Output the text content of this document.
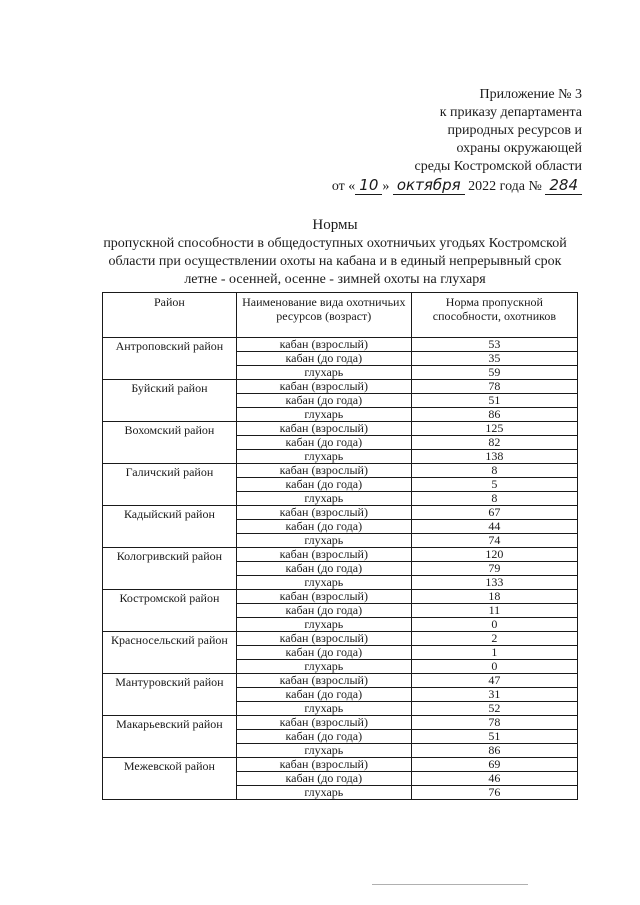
Приложение № 3
к приказу департамента
природных ресурсов и
охраны окружающей
среды Костромской области
от « 10 » октября 2022 года № 284
Нормы
пропускной способности в общедоступных охотничьих угодьях Костромской
области при осуществлении охоты на кабана и в единый непрерывный срок
летне - осенней, осенне - зимней охоты на глухаря
Район	Наименование вида охотничьих ресурсов (возраст)	Норма пропускной способности, охотников
Антроповский район	кабан (взрослый)	53
	кабан (до года)	35
	глухарь	59
Буйский район	кабан (взрослый)	78
	кабан (до года)	51
	глухарь	86
Вохомский район	кабан (взрослый)	125
	кабан (до года)	82
	глухарь	138
Галичский район	кабан (взрослый)	8
	кабан (до года)	5
	глухарь	8
Кадыйский район	кабан (взрослый)	67
	кабан (до года)	44
	глухарь	74
Кологривский район	кабан (взрослый)	120
	кабан (до года)	79
	глухарь	133
Костромской район	кабан (взрослый)	18
	кабан (до года)	11
	глухарь	0
Красносельский район	кабан (взрослый)	2
	кабан (до года)	1
	глухарь	0
Мантуровский район	кабан (взрослый)	47
	кабан (до года)	31
	глухарь	52
Макарьевский район	кабан (взрослый)	78
	кабан (до года)	51
	глухарь	86
Межевской район	кабан (взрослый)	69
	кабан (до года)	46
	глухарь	76
